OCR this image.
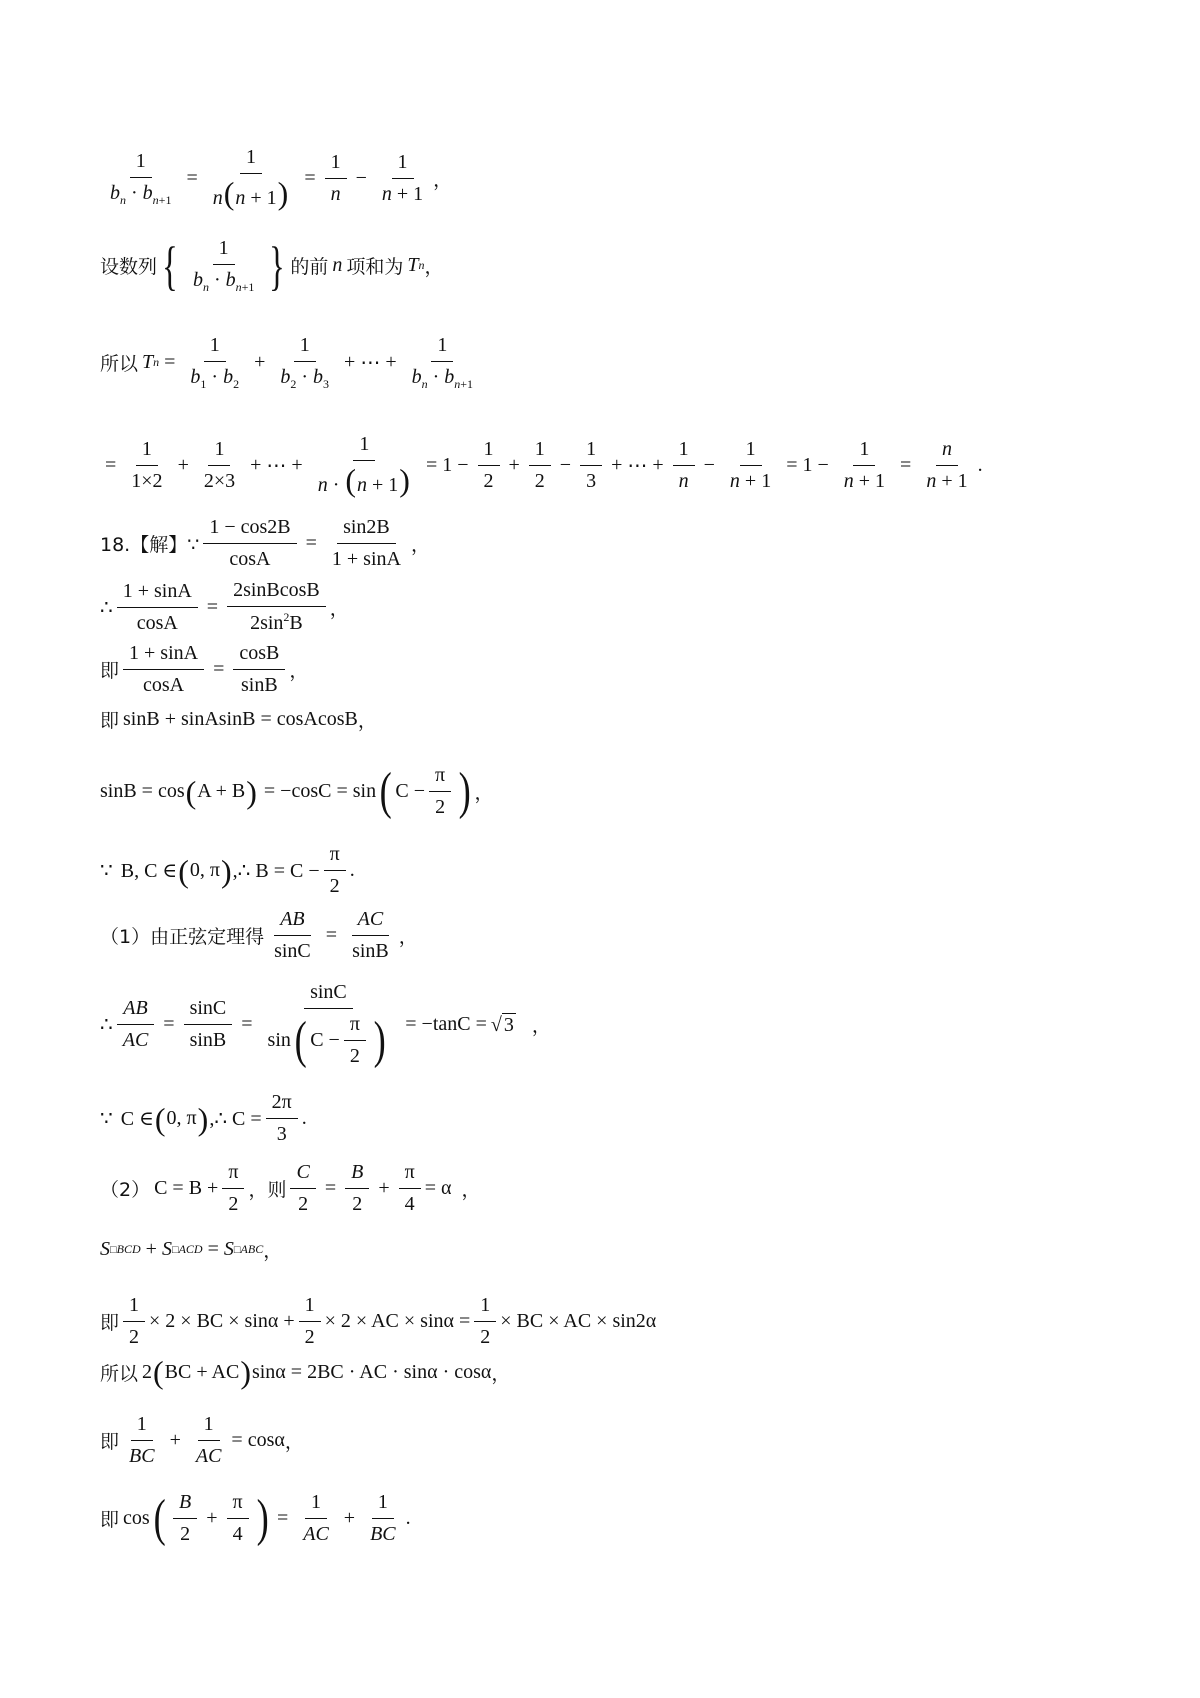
$\frac{1}{b_n \cdot b_{n+1}} = \frac{1}{n(n + 1)} = \frac{1}{n} - \frac{1}{n + 1}$ ，
设数列 { $\frac{1}{b_n \cdot b_{n+1}}$ } 的前 n 项和为 T n ，
所以 T $n = \frac{1}{b_1 \cdot b_2} + \frac{1}{b_2 \cdot b_3}$ + ⋯ + $\frac{1}{b_n \cdot b_{n+1}}$
= $\frac{1}{1\times 2} + \frac{1}{2\times 3}$ + ⋯ + $\frac{1}{n \cdot (n + 1)} = 1 - \frac{1}{2} + \frac{1}{2} - \frac{1}{3}$ + ⋯ + $\frac{1}{n} - \frac{1}{n + 1} = 1 - \frac{1}{n + 1} = \frac{n}{n + 1}$ .
18.【解】∵ $\frac{1 - \cos 2B}{\cos A} = \frac{\sin 2B}{1 + \sin A}$ ，
∴ $\frac{1 + \sin A}{\cos A} = \frac{\text{2sinBcosB}}{2\sin^2B}$ ，
即 $\frac{1 + \sin A}{\cos A} = \frac{\cos B}{\sin B}$ ，
即 sinB + sinAsinB = cosAcosB ，
sinB = cos ( A + B ) = −cosC = sin ( $C - \frac{\pi}{2}$ ) ，
∵ B, C ∈ ( 0, π ) ,∴ $B = C - \frac{\pi}{2}$ .
（1）由正弦定理得 $\frac{AB}{\sin C} = \frac{AC}{\sin B}$ ，
∴ $\frac{AB}{AC} = \frac{\sin C}{\sin B} = \frac{\sin C}{\sin ( C - \frac{\pi}{2} )} = -\tan C$ = √ 3 ，
∵ C ∈ ( 0, π ) ,∴ $C = \frac{2\pi}{3}$ .
（2） $C = B + \frac{\pi}{2}$ ，则 $\frac{C}{2} = \frac{B}{2} + \frac{\pi}{4} = \alpha$ ，
S □ BCD + S □ ACD = S □ ABC ，
即 $\frac{1}{2} \times 2$ × BC × $\sin\alpha + \frac{1}{2} \times 2$ × AC × $\sin\alpha = \frac{1}{2}$ × BC × AC × sin2α
所以 2 ( BC + AC ) sinα = 2BC · AC · sinα · cosα ，
即 $\frac{1}{BC} + \frac{1}{AC} = \cos\alpha$ ，
即 cos ( $\frac{B}{2} + \frac{\pi}{4}$ ) = $\frac{1}{AC} + \frac{1}{BC}$ .
